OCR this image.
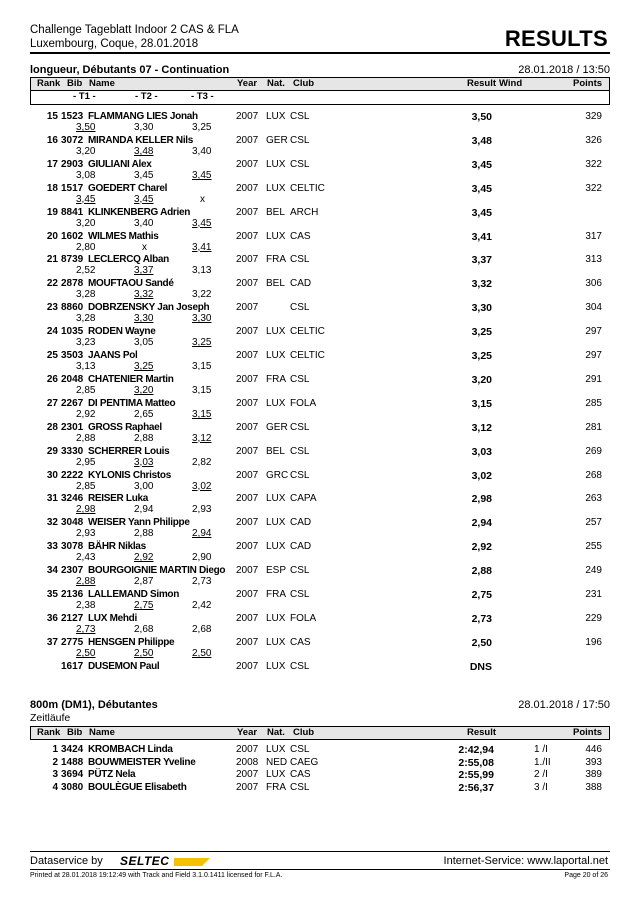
Challenge Tageblatt Indoor 2 CAS & FLA
Luxembourg, Coque, 28.01.2018	RESULTS
longueur, Débutants 07 - Continuation	28.01.2018 / 13:50
Rank Bib Name	Year Nat. Club	Result Wind	Points
- T1 -	- T2 -	- T3 -
15 1523 FLAMMANG LIES Jonah	2007 LUX CSL	3,50	329
3,50	3,30	3,25
16 3072 MIRANDA KELLER Nils	2007 GER CSL	3,48	326
3,20	3,48	3,40
17 2903 GIULIANI Alex	2007 LUX CSL	3,45	322
3,08	3,45	3,45
18 1517 GOEDERT Charel	2007 LUX CELTIC	3,45	322
3,45	3,45	x
19 8841 KLINKENBERG Adrien	2007 BEL ARCH	3,45
3,20	3,40	3,45
20 1602 WILMES Mathis	2007 LUX CAS	3,41	317
2,80	x	3,41
21 8739 LECLERCQ Alban	2007 FRA CSL	3,37	313
2,52	3,37	3,13
22 2878 MOUFTAOU Sandé	2007 BEL CAD	3,32	306
3,28	3,32	3,22
23 8860 DOBRZENSKY Jan Joseph	2007	CSL	3,30	304
3,28	3,30	3,30
24 1035 RODEN Wayne	2007 LUX CELTIC	3,25	297
3,23	3,05	3,25
25 3503 JAANS Pol	2007 LUX CELTIC	3,25	297
3,13	3,25	3,15
26 2048 CHATENIER Martin	2007 FRA CSL	3,20	291
2,85	3,20	3,15
27 2267 DI PENTIMA Matteo	2007 LUX FOLA	3,15	285
2,92	2,65	3,15
28 2301 GROSS Raphael	2007 GER CSL	3,12	281
2,88	2,88	3,12
29 3330 SCHERRER Louis	2007 BEL CSL	3,03	269
2,95	3,03	2,82
30 2222 KYLONIS Christos	2007 GRC CSL	3,02	268
2,85	3,00	3,02
31 3246 REISER Luka	2007 LUX CAPA	2,98	263
2,98	2,94	2,93
32 3048 WEISER Yann Philippe	2007 LUX CAD	2,94	257
2,93	2,88	2,94
33 3078 BÄHR Niklas	2007 LUX CAD	2,92	255
2,43	2,92	2,90
34 2307 BOURGOIGNIE MARTIN Diego 2007 ESP CSL	2,88	249
2,88	2,87	2,73
35 2136 LALLEMAND Simon	2007 FRA CSL	2,75	231
2,38	2,75	2,42
36 2127 LUX Mehdi	2007 LUX FOLA	2,73	229
2,73	2,68	2,68
37 2775 HENSGEN Philippe	2007 LUX CAS	2,50	196
2,50	2,50	2,50
1617 DUSEMON Paul	2007 LUX CSL	DNS
800m (DM1), Débutantes	28.01.2018 / 17:50
Zeitläufe
Rank Bib Name	Year Nat. Club	Result	Points
1 3424 KROMBACH Linda	2007 LUX CSL	2:42,94	1 /I	446
2 1488 BOUWMEISTER Yveline	2008 NED CAEG	2:55,08	1./II	393
3 3694 PÜTZ Nela	2007 LUX CAS	2:55,99	2 /I	389
4 3080 BOULÈGUE Elisabeth	2007 FRA CSL	2:56,37	3 /I	388
Dataservice by SELTEC	Internet-Service: www.laportal.net
Printed at 28.01.2018 19:12:49 with Track and Field 3.1.0.1411 licensed for F.L.A.	Page 20 of 26
